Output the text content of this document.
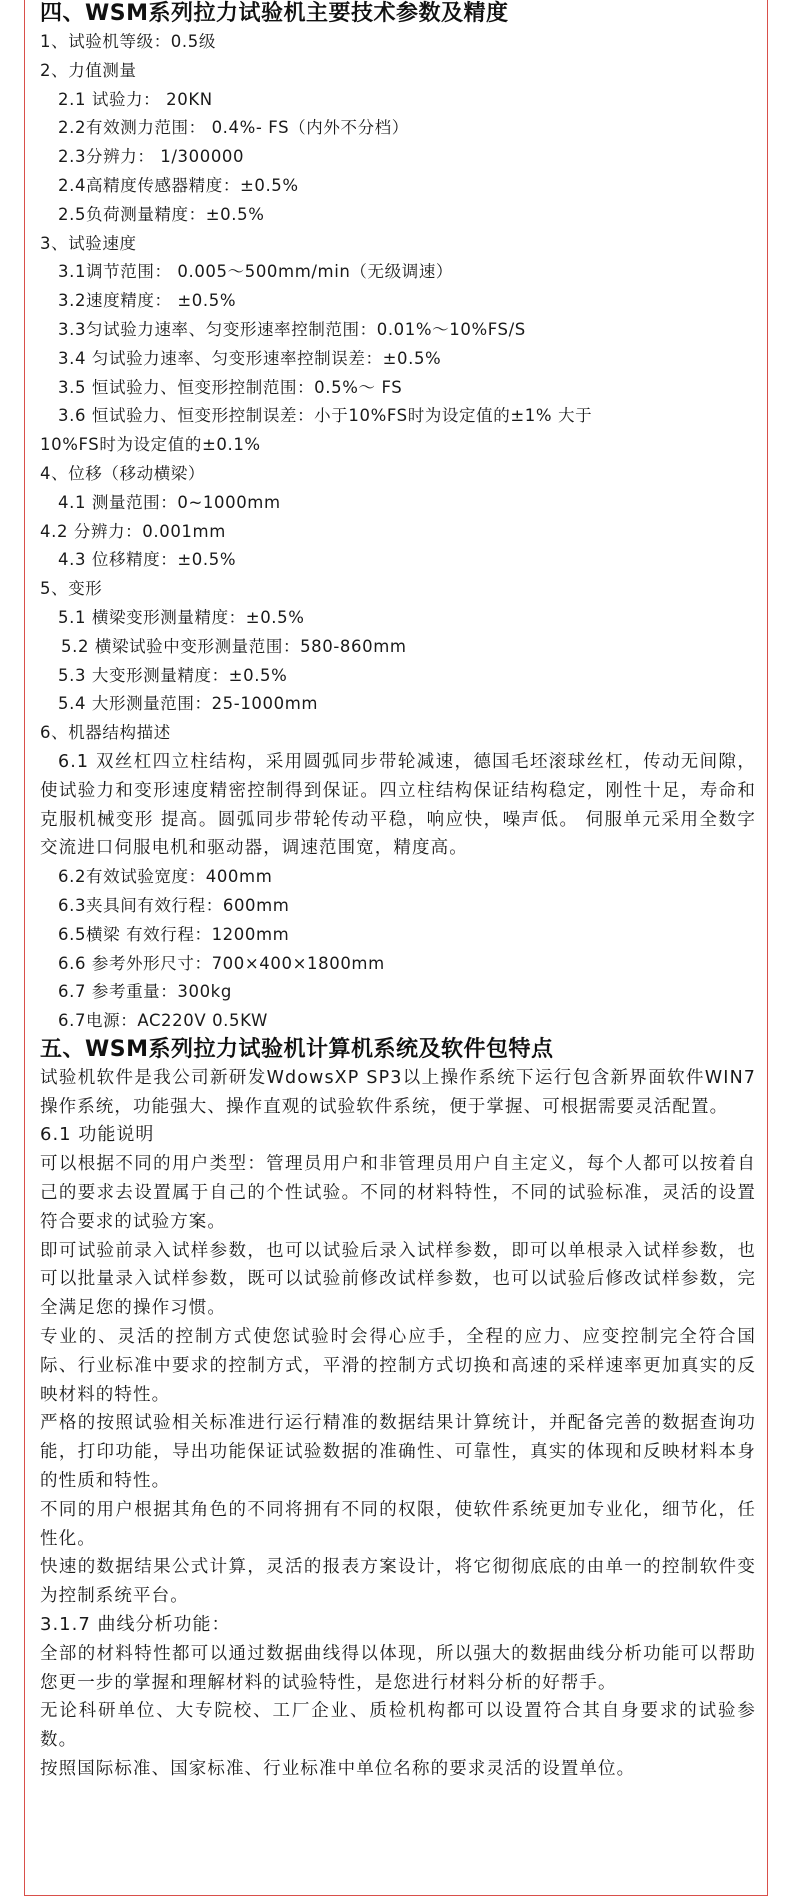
四、WSM系列拉力试验机主要技术参数及精度
1、试验机等级：0.5级
2、力值测量
2.1 试验力： 20KN
2.2有效测力范围： 0.4%- FS（内外不分档）
2.3分辨力： 1/300000
2.4高精度传感器精度：±0.5%
2.5负荷测量精度：±0.5%
3、试验速度
3.1调节范围： 0.005～500mm/min（无级调速）
3.2速度精度： ±0.5%
3.3匀试验力速率、匀变形速率控制范围：0.01%～10%FS/S
3.4 匀试验力速率、匀变形速率控制误差：±0.5%
3.5 恒试验力、恒变形控制范围：0.5%～ FS
3.6 恒试验力、恒变形控制误差：小于10%FS时为设定值的±1% 大于
10%FS时为设定值的±0.1%
4、位移（移动横梁）
4.1 测量范围：0~1000mm
4.2 分辨力：0.001mm
4.3 位移精度：±0.5%
5、变形
5.1 横梁变形测量精度：±0.5%
5.2 横梁试验中变形测量范围：580-860mm
5.3 大变形测量精度：±0.5%
5.4 大形测量范围：25-1000mm
6、机器结构描述
6.1 双丝杠四立柱结构，采用圆弧同步带轮减速，德国毛坯滚球丝杠，传动无间隙，使试验力和变形速度精密控制得到保证。四立柱结构保证结构稳定，刚性十足，寿命和克服机械变形 提高。圆弧同步带轮传动平稳，响应快，噪声低。 伺服单元采用全数字交流进口伺服电机和驱动器，调速范围宽，精度高。
6.2有效试验宽度：400mm
6.3夹具间有效行程：600mm
6.5横梁 有效行程：1200mm
6.6 参考外形尺寸：700×400×1800mm
6.7 参考重量：300kg
6.7电源：AC220V 0.5KW
五、WSM系列拉力试验机计算机系统及软件包特点
试验机软件是我公司新研发WdowsXP SP3以上操作系统下运行包含新界面软件WIN7操作系统，功能强大、操作直观的试验软件系统，便于掌握、可根据需要灵活配置。
6.1 功能说明
可以根据不同的用户类型：管理员用户和非管理员用户自主定义，每个人都可以按着自己的要求去设置属于自己的个性试验。不同的材料特性，不同的试验标准，灵活的设置符合要求的试验方案。
即可试验前录入试样参数，也可以试验后录入试样参数，即可以单根录入试样参数，也可以批量录入试样参数，既可以试验前修改试样参数，也可以试验后修改试样参数，完全满足您的操作习惯。
专业的、灵活的控制方式使您试验时会得心应手，全程的应力、应变控制完全符合国际、行业标准中要求的控制方式，平滑的控制方式切换和高速的采样速率更加真实的反映材料的特性。
严格的按照试验相关标准进行运行精准的数据结果计算统计，并配备完善的数据查询功能，打印功能，导出功能保证试验数据的准确性、可靠性，真实的体现和反映材料本身的性质和特性。
不同的用户根据其角色的不同将拥有不同的权限，使软件系统更加专业化，细节化，任性化。
快速的数据结果公式计算，灵活的报表方案设计，将它彻彻底底的由单一的控制软件变为控制系统平台。
3.1.7 曲线分析功能：
全部的材料特性都可以通过数据曲线得以体现，所以强大的数据曲线分析功能可以帮助您更一步的掌握和理解材料的试验特性，是您进行材料分析的好帮手。
无论科研单位、大专院校、工厂企业、质检机构都可以设置符合其自身要求的试验参数。
按照国际标准、国家标准、行业标准中单位名称的要求灵活的设置单位。
